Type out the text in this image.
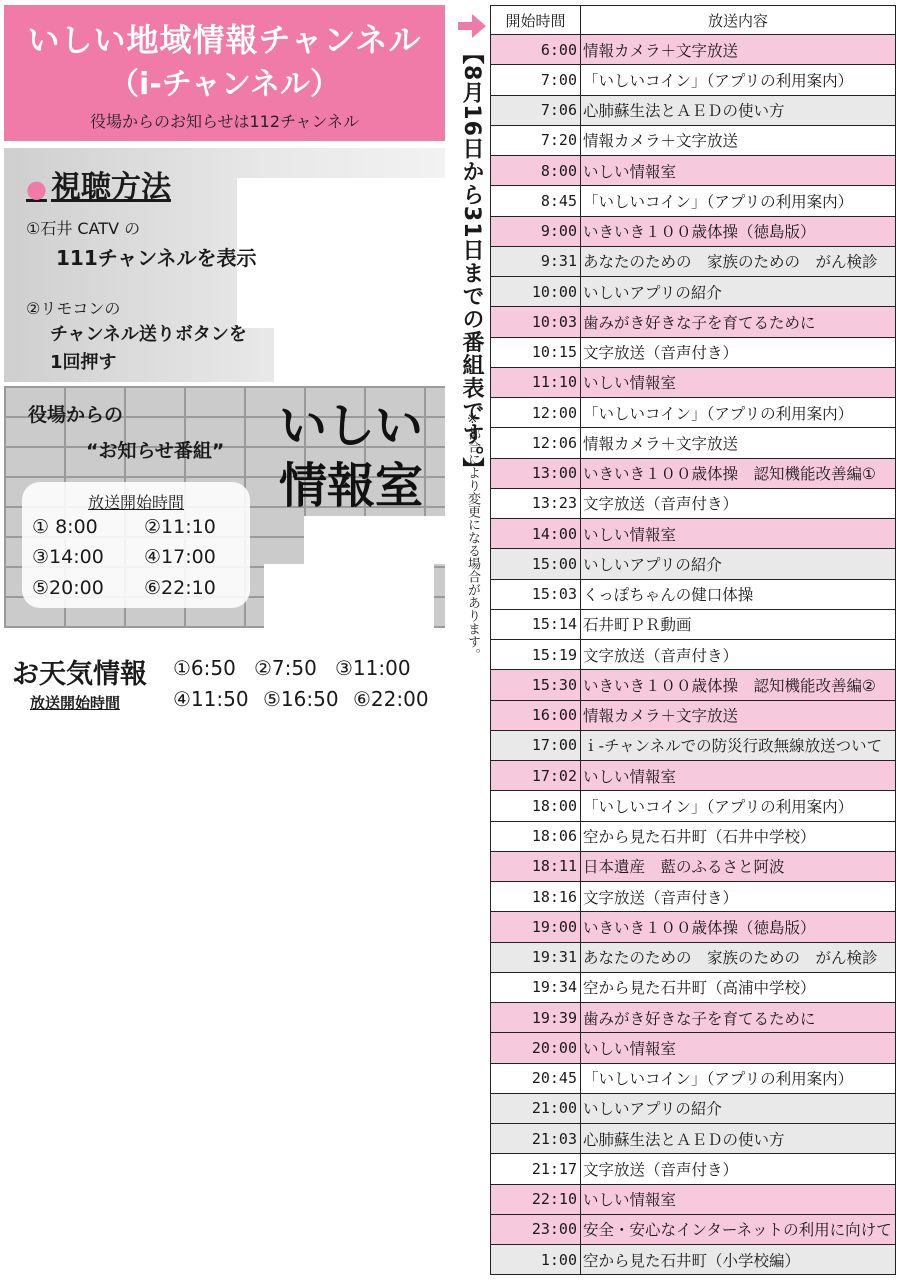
いしい地域情報チャンネル
（i-チャンネル）
役場からのお知らせは112チャンネル
● 視聴方法
①石井 CATV の
111チャンネルを表示
②リモコンの
チャンネル送りボタンを
1回押す
役場からの
“お知らせ番組” いしい
情報室
放送開始時間
① 8:00 ②11:10
③14:00 ④17:00
⑤20:00 ⑥22:10
お天気情報
放送開始時間
①6:50 ②7:50 ③11:00
④11:50 ⑤16:50 ⑥22:00
【8月16日から31日までの番組表です。】
※都合により変更になる場合があります。
開始時間	放送内容
6:00	情報カメラ＋文字放送
7:00	「いしいコイン」（アプリの利用案内）
7:06	心肺蘇生法とＡＥＤの使い方
7:20	情報カメラ＋文字放送
8:00	いしい情報室
8:45	「いしいコイン」（アプリの利用案内）
9:00	いきいき１００歳体操（徳島版）
9:31	あなたのための　家族のための　がん検診
10:00	いしいアプリの紹介
10:03	歯みがき好きな子を育てるために
10:15	文字放送（音声付き）
11:10	いしい情報室
12:00	「いしいコイン」（アプリの利用案内）
12:06	情報カメラ＋文字放送
13:00	いきいき１００歳体操　認知機能改善編①
13:23	文字放送（音声付き）
14:00	いしい情報室
15:00	いしいアプリの紹介
15:03	くっぽちゃんの健口体操
15:14	石井町ＰＲ動画
15:19	文字放送（音声付き）
15:30	いきいき１００歳体操　認知機能改善編②
16:00	情報カメラ＋文字放送
17:00	ｉ-チャンネルでの防災行政無線放送ついて
17:02	いしい情報室
18:00	「いしいコイン」（アプリの利用案内）
18:06	空から見た石井町（石井中学校）
18:11	日本遺産　藍のふるさと阿波
18:16	文字放送（音声付き）
19:00	いきいき１００歳体操（徳島版）
19:31	あなたのための　家族のための　がん検診
19:34	空から見た石井町（高浦中学校）
19:39	歯みがき好きな子を育てるために
20:00	いしい情報室
20:45	「いしいコイン」（アプリの利用案内）
21:00	いしいアプリの紹介
21:03	心肺蘇生法とＡＥＤの使い方
21:17	文字放送（音声付き）
22:10	いしい情報室
23:00	安全・安心なインターネットの利用に向けて
1:00	空から見た石井町（小学校編）
